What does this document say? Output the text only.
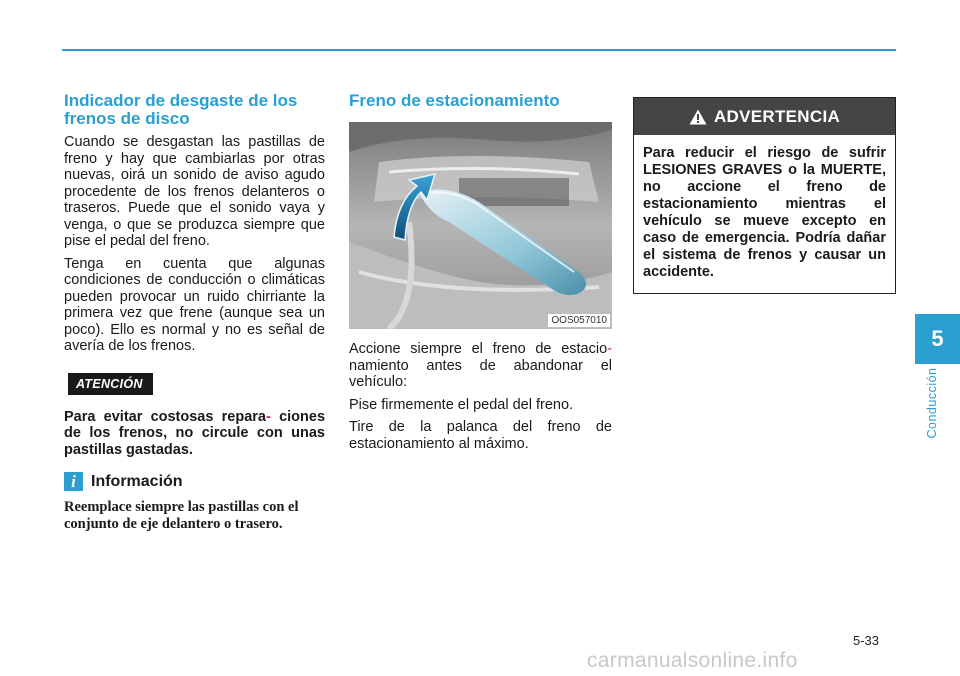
Indicador de desgaste de los frenos de disco

Cuando se desgastan las pastillas de freno y hay que cambiarlas por otras nuevas, oirá un sonido de aviso agudo procedente de los frenos delanteros o traseros. Puede que el sonido vaya y venga, o que se produzca siempre que pise el pedal del freno.

Tenga en cuenta que algunas condiciones de conducción o climáticas pueden provocar un ruido chirriante la primera vez que frene (aunque sea un poco). Ello es normal y no es señal de avería de los frenos.

ATENCIÓN

Para evitar costosas repara- ciones de los frenos, no circule con unas pastillas gastadas.

i Información

Reemplace siempre las pastillas con el conjunto de eje delantero o trasero.

Freno de estacionamiento
OOS057010

Accione siempre el freno de estacio- namiento antes de abandonar el vehículo:

Pise firmemente el pedal del freno.

Tire de la palanca del freno de estacionamiento al máximo.

ADVERTENCIA
Para reducir el riesgo de sufrir LESIONES GRAVES o la MUERTE, no accione el freno de estacionamiento mientras el vehículo se mueve excepto en caso de emergencia. Podría dañar el sistema de frenos y causar un accidente.
5
Conducción
5-33
carmanualsonline.info
